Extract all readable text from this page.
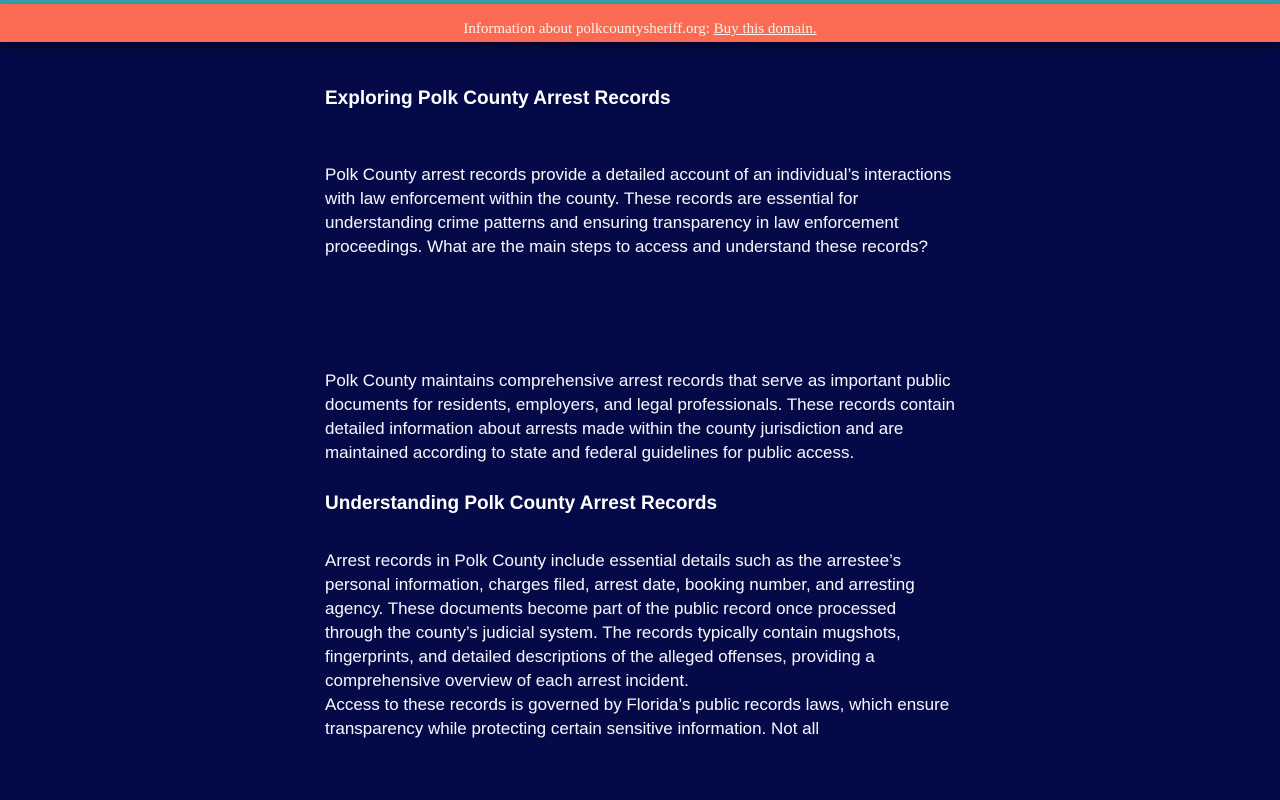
Information about polkcountysheriff.org: Buy this domain.

Exploring Polk County Arrest Records

Polk County arrest records provide a detailed account of an individual’s interactions with law enforcement within the county. These records are essential for understanding crime patterns and ensuring transparency in law enforcement proceedings. What are the main steps to access and understand these records?

Polk County maintains comprehensive arrest records that serve as important public documents for residents, employers, and legal professionals. These records contain detailed information about arrests made within the county jurisdiction and are maintained according to state and federal guidelines for public access.

Understanding Polk County Arrest Records

Arrest records in Polk County include essential details such as the arrestee’s personal information, charges filed, arrest date, booking number, and arresting agency. These documents become part of the public record once processed through the county’s judicial system. The records typically contain mugshots, fingerprints, and detailed descriptions of the alleged offenses, providing a comprehensive overview of each arrest incident.

Access to these records is governed by Florida’s public records laws, which ensure transparency while protecting certain sensitive information. Not all
